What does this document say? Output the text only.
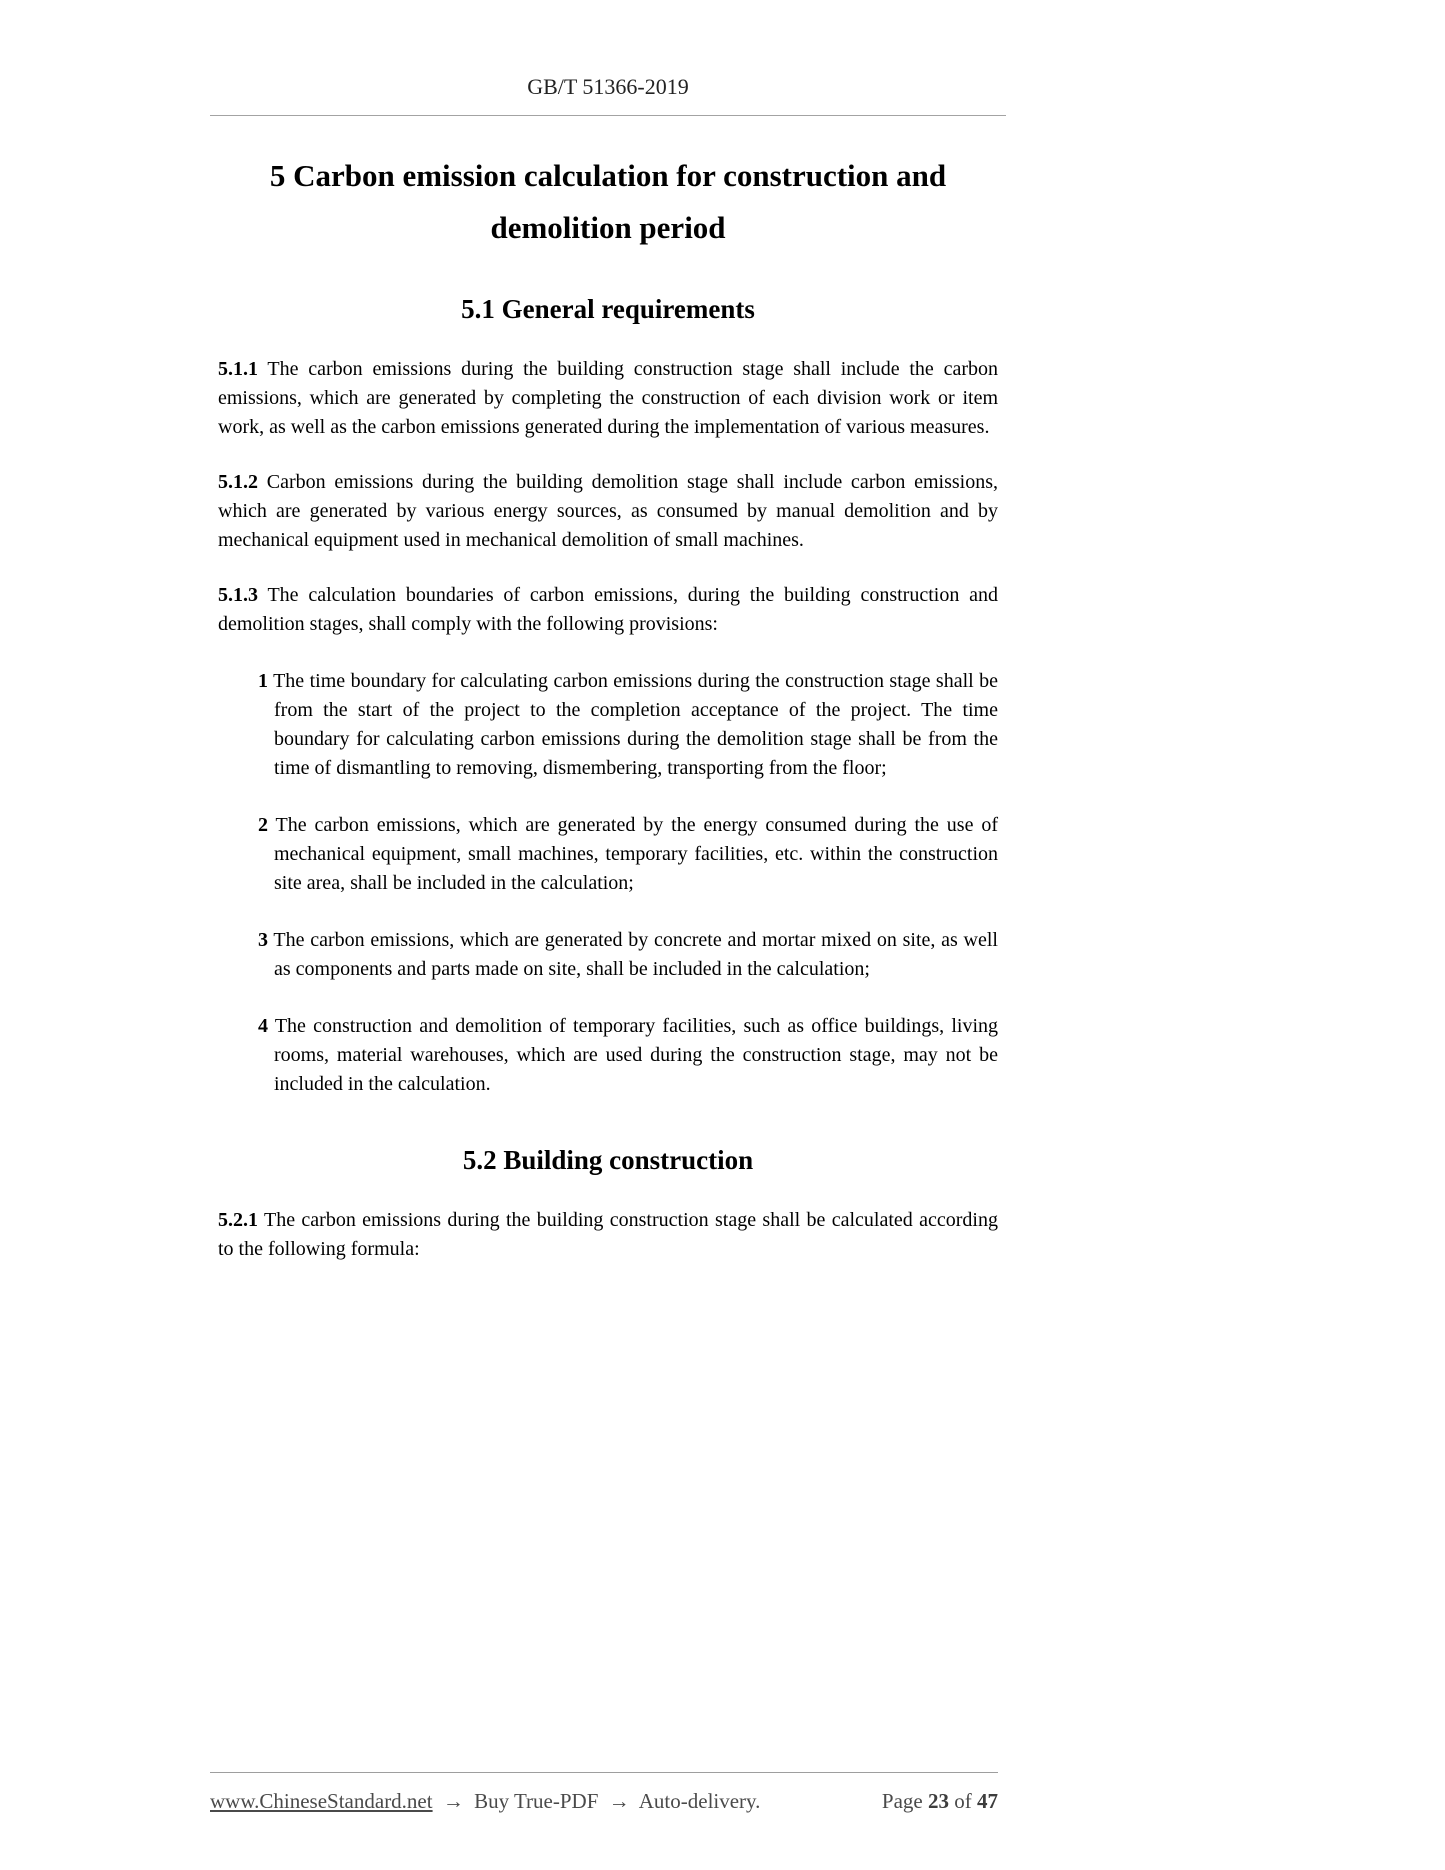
GB/T 51366-2019
5 Carbon emission calculation for construction and
demolition period
5.1 General requirements

5.1.1 The carbon emissions during the building construction stage shall include the carbon emissions, which are generated by completing the construction of each division work or item work, as well as the carbon emissions generated during the implementation of various measures.

5.1.2 Carbon emissions during the building demolition stage shall include carbon emissions, which are generated by various energy sources, as consumed by manual demolition and by mechanical equipment used in mechanical demolition of small machines.

5.1.3 The calculation boundaries of carbon emissions, during the building construction and demolition stages, shall comply with the following provisions:

1 The time boundary for calculating carbon emissions during the construction stage shall be from the start of the project to the completion acceptance of the project. The time boundary for calculating carbon emissions during the demolition stage shall be from the time of dismantling to removing, dismembering, transporting from the floor;

2 The carbon emissions, which are generated by the energy consumed during the use of mechanical equipment, small machines, temporary facilities, etc. within the construction site area, shall be included in the calculation;

3 The carbon emissions, which are generated by concrete and mortar mixed on site, as well as components and parts made on site, shall be included in the calculation;

4 The construction and demolition of temporary facilities, such as office buildings, living rooms, material warehouses, which are used during the construction stage, may not be included in the calculation.

5.2 Building construction

5.2.1 The carbon emissions during the building construction stage shall be calculated according to the following formula:

www.ChineseStandard.net → Buy True-PDF → Auto-delivery.	Page 23 of 47
